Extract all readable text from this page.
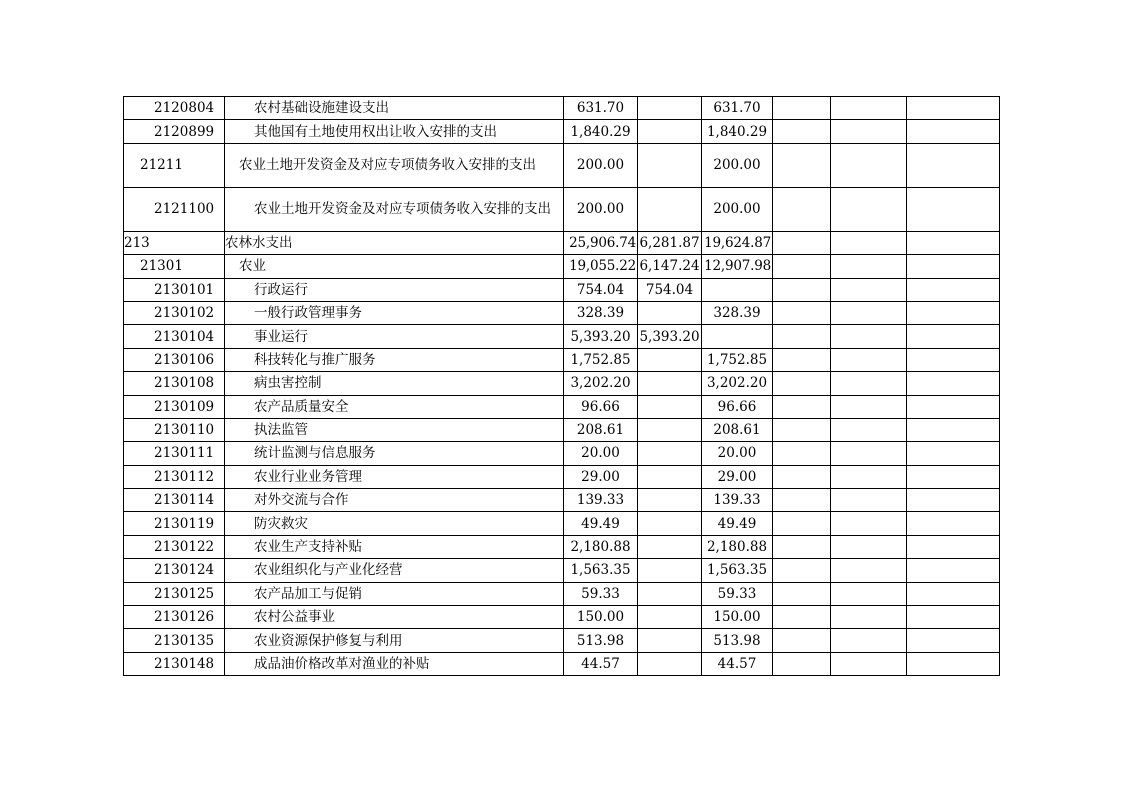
2120804	农村基础设施建设支出	631.70		631.70			
2120899	其他国有土地使用权出让收入安排的支出	1,840.29		1,840.29			
21211	农业土地开发资金及对应专项债务收入安排的支出	200.00		200.00			
2121100	农业土地开发资金及对应专项债务收入安排的支出	200.00		200.00			
213	农林水支出	25,906.74	6,281.87	19,624.87			
21301	农业	19,055.22	6,147.24	12,907.98			
2130101	行政运行	754.04	754.04				
2130102	一般行政管理事务	328.39		328.39			
2130104	事业运行	5,393.20	5,393.20				
2130106	科技转化与推广服务	1,752.85		1,752.85			
2130108	病虫害控制	3,202.20		3,202.20			
2130109	农产品质量安全	96.66		96.66			
2130110	执法监管	208.61		208.61			
2130111	统计监测与信息服务	20.00		20.00			
2130112	农业行业业务管理	29.00		29.00			
2130114	对外交流与合作	139.33		139.33			
2130119	防灾救灾	49.49		49.49			
2130122	农业生产支持补贴	2,180.88		2,180.88			
2130124	农业组织化与产业化经营	1,563.35		1,563.35			
2130125	农产品加工与促销	59.33		59.33			
2130126	农村公益事业	150.00		150.00			
2130135	农业资源保护修复与利用	513.98		513.98			
2130148	成品油价格改革对渔业的补贴	44.57		44.57			
